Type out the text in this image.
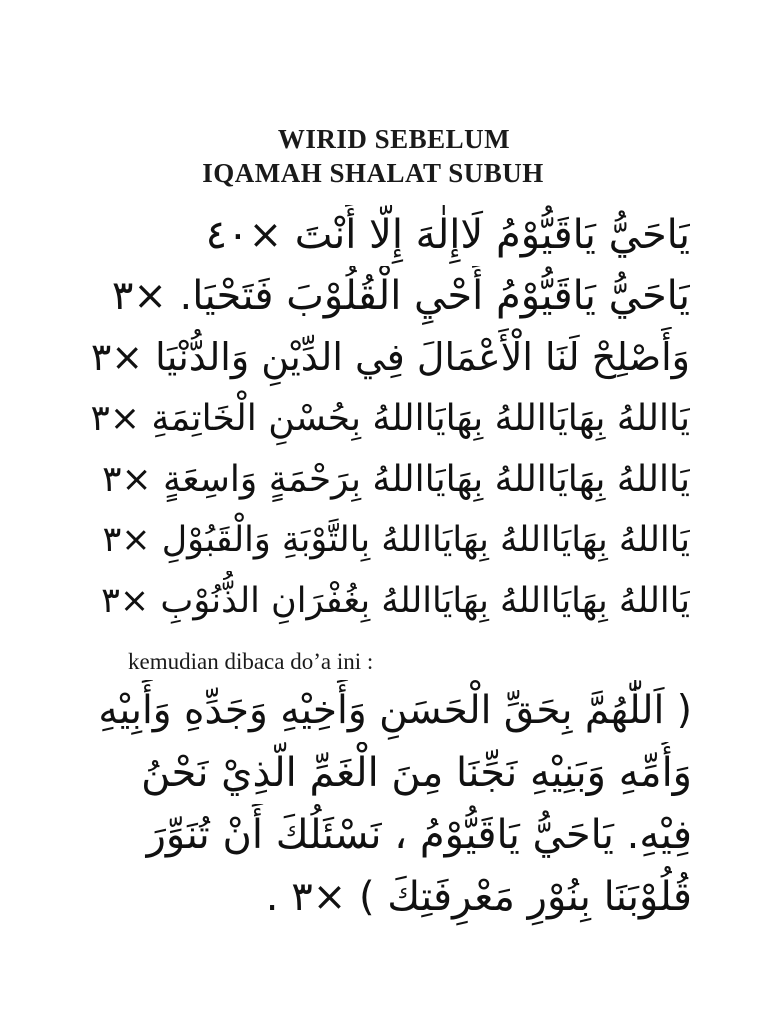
WIRID SEBELUM
IQAMAH SHALAT SUBUH
يَاحَيُّ يَاقَيُّوْمُ لَاإِلٰهَ إِلَّا أَنْتَ ×٤٠
يَاحَيُّ يَاقَيُّوْمُ أَحْيِ الْقُلُوْبَ فَتَحْيَا. ×٣
وَأَصْلِحْ لَنَا الْأَعْمَالَ فِي الدِّيْنِ وَالدُّنْيَا ×٣
يَااللهُ بِهَايَااللهُ بِهَايَااللهُ بِحُسْنِ الْخَاتِمَةِ ×٣
يَااللهُ بِهَايَااللهُ بِهَايَااللهُ بِرَحْمَةٍ وَاسِعَةٍ ×٣
يَااللهُ بِهَايَااللهُ بِهَايَااللهُ بِالتَّوْبَةِ وَالْقَبُوْلِ ×٣
يَااللهُ بِهَايَااللهُ بِهَايَااللهُ بِغُفْرَانِ الذُّنُوْبِ ×٣
kemudian dibaca do’a ini :
( اَللّٰهُمَّ بِحَقِّ الْحَسَنِ وَأَخِيْهِ وَجَدِّهِ وَأَبِيْهِ
وَأُمِّهِ وَبَنِيْهِ نَجِّنَا مِنَ الْغَمِّ الَّذِيْ نَحْنُ
فِيْهِ. يَاحَيُّ يَاقَيُّوْمُ ، نَسْئَلُكَ أَنْ تُنَوِّرَ
قُلُوْبَنَا بِنُوْرِ مَعْرِفَتِكَ ) ×٣ .
